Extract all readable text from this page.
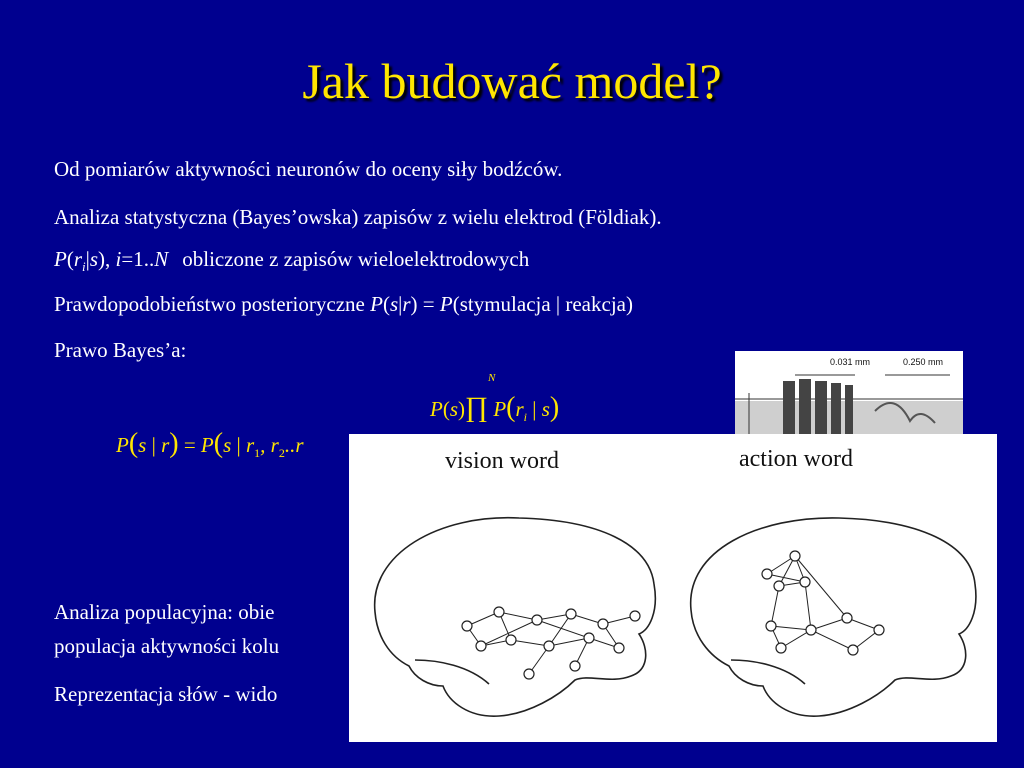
Jak budować model?
Od pomiarów aktywności neuronów do oceny siły bodźców.
Analiza statystyczna (Bayes’owska) zapisów z wielu elektrod (Földiak).
$P(r_i|s)$, i=1..N obliczone z zapisów wieloelektrodowych
Prawdopodobieństwo posterioryczne P(s|r) = P(stymulacja | reakcja)
Prawo Bayes’a:
P(s)∏ $P(r_i$ | s)
N
P(s | r) = P(s | $r_1$, $r_2..r$
Analiza populacyjna: obie
populacja aktywności kolu
Reprezentacja słów - wido
0.031 mm	0.250 mm
vision word	action word
